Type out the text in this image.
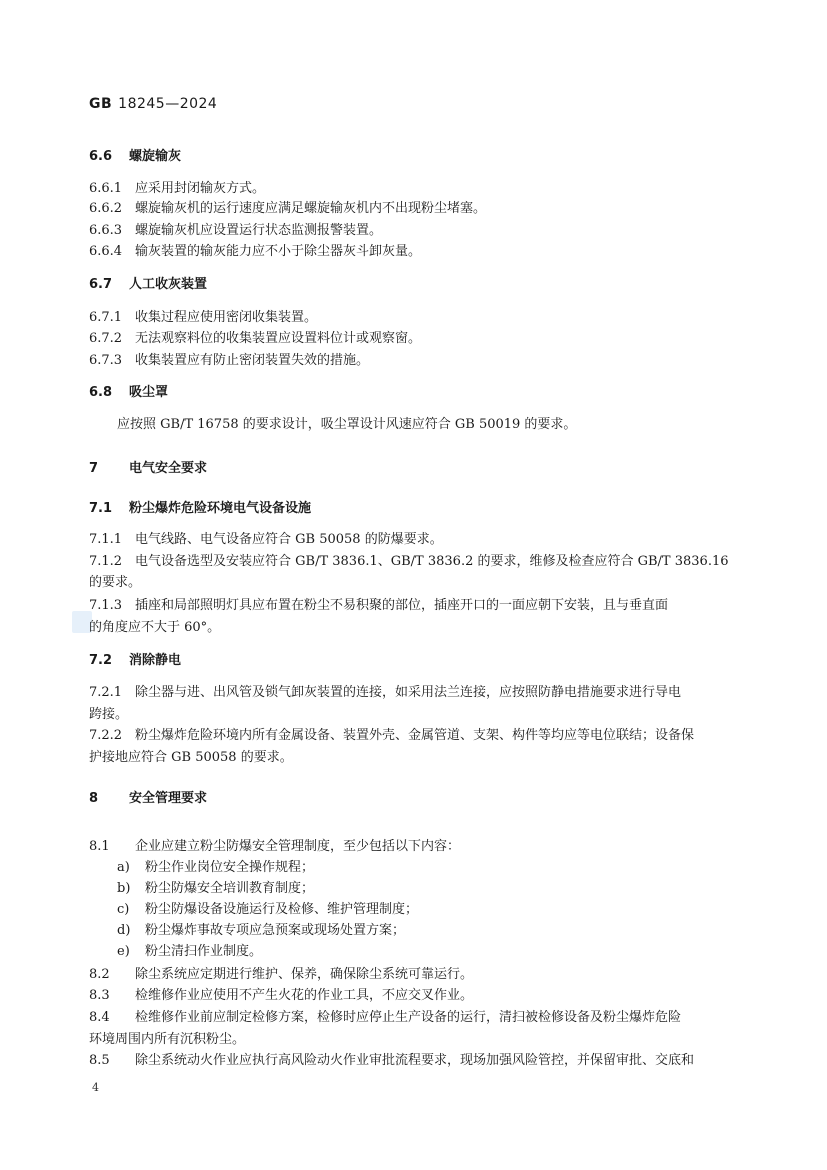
GB 18245—2024
6.6 螺旋输灰
6.6.1 应采用封闭输灰方式。
6.6.2 螺旋输灰机的运行速度应满足螺旋输灰机内不出现粉尘堵塞。
6.6.3 螺旋输灰机应设置运行状态监测报警装置。
6.6.4 输灰装置的输灰能力应不小于除尘器灰斗卸灰量。
6.7 人工收灰装置
6.7.1 收集过程应使用密闭收集装置。
6.7.2 无法观察料位的收集装置应设置料位计或观察窗。
6.7.3 收集装置应有防止密闭装置失效的措施。
6.8 吸尘罩
应按照 GB/T 16758 的要求设计，吸尘罩设计风速应符合 GB 50019 的要求。
7 电气安全要求
7.1 粉尘爆炸危险环境电气设备设施
7.1.1 电气线路、电气设备应符合 GB 50058 的防爆要求。
7.1.2 电气设备选型及安装应符合 GB/T 3836.1、GB/T 3836.2 的要求，维修及检查应符合 GB/T 3836.16
的要求。
7.1.3 插座和局部照明灯具应布置在粉尘不易积聚的部位，插座开口的一面应朝下安装，且与垂直面
的角度应不大于 60°。
7.2 消除静电
7.2.1 除尘器与进、出风管及锁气卸灰装置的连接，如采用法兰连接，应按照防静电措施要求进行导电
跨接。
7.2.2 粉尘爆炸危险环境内所有金属设备、装置外壳、金属管道、支架、构件等均应等电位联结；设备保
护接地应符合 GB 50058 的要求。
8 安全管理要求
8.1 企业应建立粉尘防爆安全管理制度，至少包括以下内容：
a) 粉尘作业岗位安全操作规程；
b) 粉尘防爆安全培训教育制度；
c) 粉尘防爆设备设施运行及检修、维护管理制度；
d) 粉尘爆炸事故专项应急预案或现场处置方案；
e) 粉尘清扫作业制度。
8.2 除尘系统应定期进行维护、保养，确保除尘系统可靠运行。
8.3 检维修作业应使用不产生火花的作业工具，不应交叉作业。
8.4 检维修作业前应制定检修方案，检修时应停止生产设备的运行，清扫被检修设备及粉尘爆炸危险
环境周围内所有沉积粉尘。
8.5 除尘系统动火作业应执行高风险动火作业审批流程要求，现场加强风险管控，并保留审批、交底和
4
